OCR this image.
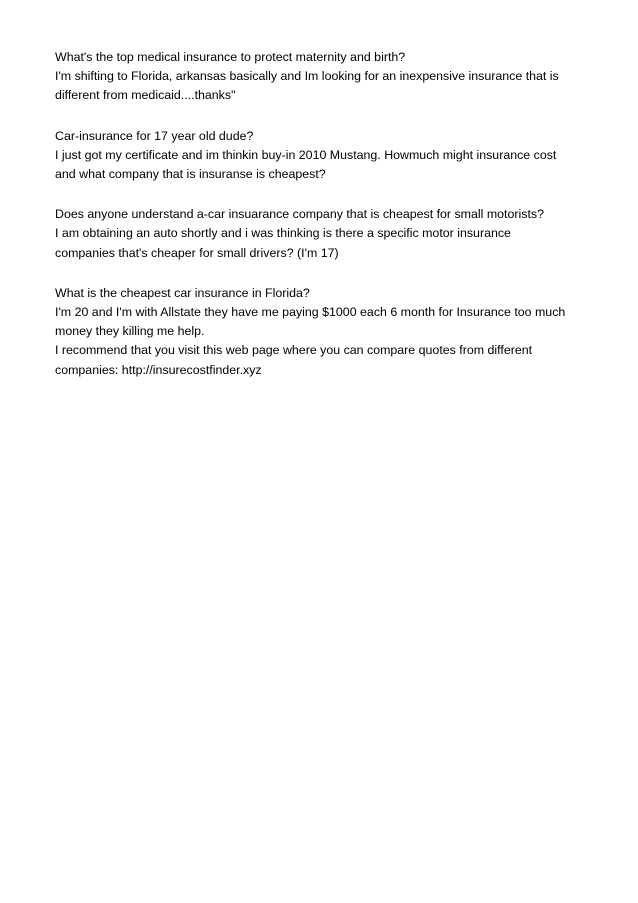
What's the top medical insurance to protect maternity and birth?

I'm shifting to Florida, arkansas basically and Im looking for an inexpensive insurance that is

different from medicaid....thanks"

Car-insurance for 17 year old dude?

I just got my certificate and im thinkin buy-in 2010 Mustang. Howmuch might insurance cost

and what company that is insuranse is cheapest?

Does anyone understand a-car insuarance company that is cheapest for small motorists?

I am obtaining an auto shortly and i was thinking is there a specific motor insurance

companies that's cheaper for small drivers? (I'm 17)

What is the cheapest car insurance in Florida?

I'm 20 and I'm with Allstate they have me paying $1000 each 6 month for Insurance too much

money they killing me help.

I recommend that you visit this web page where you can compare quotes from different

companies: http://insurecostfinder.xyz
